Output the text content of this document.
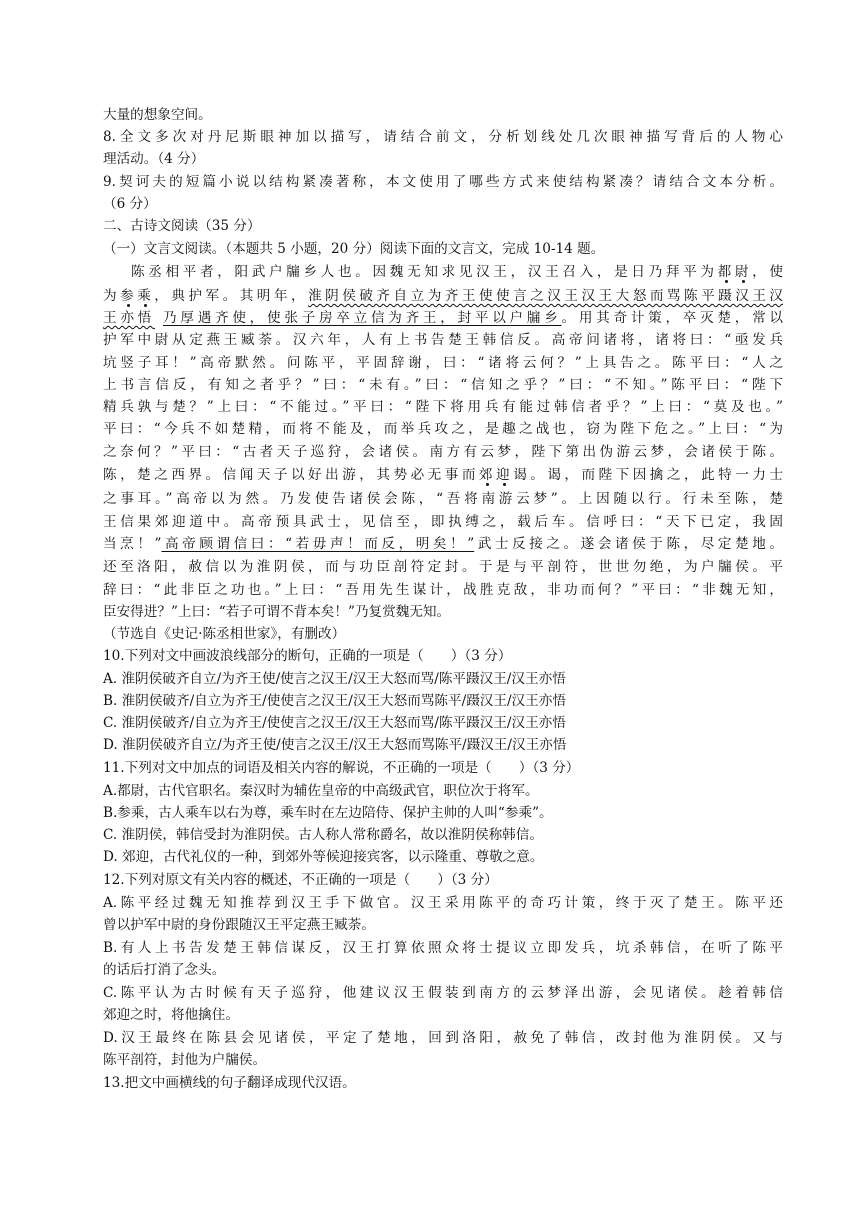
大量的想象空间。
8.全文多次对丹尼斯眼神加以描写，请结合前文，分析划线处几次眼神描写背后的人物心
理活动。（4 分）
9.契诃夫的短篇小说以结构紧凑著称，本文使用了哪些方式来使结构紧凑？请结合文本分析。
（6 分）
二、古诗文阅读（35 分）
（一）文言文阅读。（本题共 5 小题，20 分）阅读下面的文言文，完成 10-14 题。
陈丞相平者，阳武户牖乡人也。因魏无知求见汉王，汉王召入，是日乃拜平为都尉，使
为参乘，典护军。其明年，淮阴侯破齐自立为齐王使使言之汉王汉王大怒而骂陈平蹑汉王汉
王亦悟 乃厚遇齐使，使张子房卒立信为齐王，封平以户牖乡。用其奇计策，卒灭楚，常以
护军中尉从定燕王臧荼。汉六年，人有上书告楚王韩信反。高帝问诸将，诸将曰：“亟发兵
坑竖子耳！”高帝默然。问陈平，平固辞谢，曰：“诸将云何？”上具告之。陈平曰：“人之
上书言信反，有知之者乎？”曰：“未有。”曰：“信知之乎？”曰：“不知。”陈平曰：“陛下
精兵孰与楚？”上曰：“不能过。”平曰：“陛下将用兵有能过韩信者乎？”上曰：“莫及也。”
平曰：“今兵不如楚精，而将不能及，而举兵攻之，是趣之战也，窃为陛下危之。”上曰：“为
之奈何？”平曰：“古者天子巡狩，会诸侯。南方有云梦，陛下第出伪游云梦，会诸侯于陈。
陈，楚之西界。信闻天子以好出游，其势必无事而郊迎谒。谒，而陛下因擒之，此特一力士
之事耳。”高帝以为然。乃发使告诸侯会陈，“吾将南游云梦”。上因随以行。行未至陈，楚
王信果郊迎道中。高帝预具武士，见信至，即执缚之，载后车。信呼曰：“天下已定，我固
当烹！”高帝顾谓信曰：“若毋声！而反，明矣！”武士反接之。遂会诸侯于陈，尽定楚地。
还至洛阳，赦信以为淮阴侯，而与功臣剖符定封。于是与平剖符，世世勿绝，为户牖侯。平
辞曰：“此非臣之功也。”上曰：“吾用先生谋计，战胜克敌，非功而何？”平曰：“非魏无知，
臣安得进？”上曰：“若子可谓不背本矣！”乃复赏魏无知。
（节选自《史记·陈丞相世家》，有删改）
10.下列对文中画波浪线部分的断句，正确的一项是（　　）（3 分）
A. 淮阴侯破齐自立/为齐王使/使言之汉王/汉王大怒而骂/陈平蹑汉王/汉王亦悟
B. 淮阴侯破齐/自立为齐王/使使言之汉王/汉王大怒而骂陈平/蹑汉王/汉王亦悟
C. 淮阴侯破齐/自立为齐王/使使言之汉王/汉王大怒而骂/陈平蹑汉王/汉王亦悟
D. 淮阴侯破齐自立/为齐王使/使言之汉王/汉王大怒而骂陈平/蹑汉王/汉王亦悟
11.下列对文中加点的词语及相关内容的解说，不正确的一项是（　　）（3 分）
A.都尉，古代官职名。秦汉时为辅佐皇帝的中高级武官，职位次于将军。
B.参乘，古人乘车以右为尊，乘车时在左边陪侍、保护主帅的人叫“参乘”。
C. 淮阴侯，韩信受封为淮阴侯。古人称人常称爵名，故以淮阴侯称韩信。
D. 郊迎，古代礼仪的一种，到郊外等候迎接宾客，以示隆重、尊敬之意。
12.下列对原文有关内容的概述，不正确的一项是（　　）（3 分）
A.陈平经过魏无知推荐到汉王手下做官。汉王采用陈平的奇巧计策，终于灭了楚王。陈平还
曾以护军中尉的身份跟随汉王平定燕王臧荼。
B.有人上书告发楚王韩信谋反，汉王打算依照众将士提议立即发兵，坑杀韩信，在听了陈平
的话后打消了念头。
C.陈平认为古时候有天子巡狩，他建议汉王假装到南方的云梦泽出游，会见诸侯。趁着韩信
郊迎之时，将他擒住。
D.汉王最终在陈县会见诸侯，平定了楚地，回到洛阳，赦免了韩信，改封他为淮阴侯。又与
陈平剖符，封他为户牖侯。
13.把文中画横线的句子翻译成现代汉语。
